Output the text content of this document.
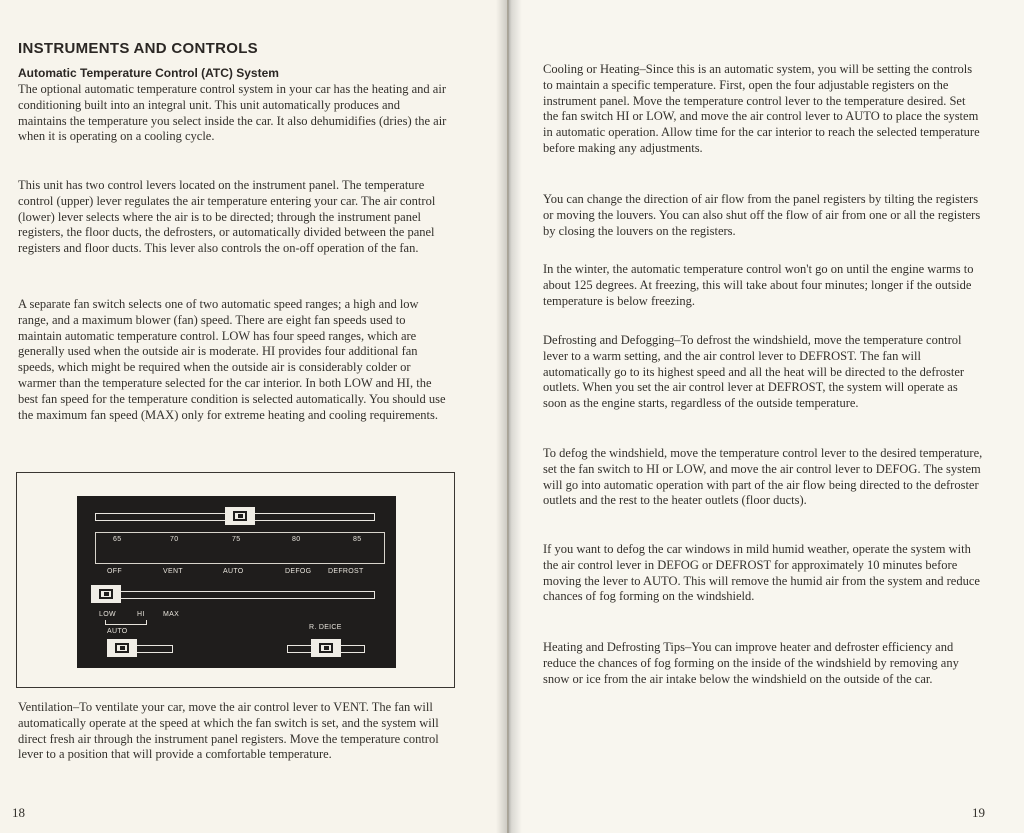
INSTRUMENTS AND CONTROLS
Automatic Temperature Control (ATC) System

The optional automatic temperature control system in your car has the heating and air conditioning built into an integral unit. This unit automatically produces and maintains the temperature you select inside the car. It also dehumidifies (dries) the air when it is operating on a cooling cycle.

This unit has two control levers located on the instrument panel. The temperature control (upper) lever regulates the air temperature entering your car. The air control (lower) lever selects where the air is to be directed; through the instrument panel registers, the floor ducts, the defrosters, or automatically divided between the panel registers and floor ducts. This lever also controls the on-off operation of the fan.

A separate fan switch selects one of two automatic speed ranges; a high and low range, and a maximum blower (fan) speed. There are eight fan speeds used to maintain automatic temperature control. LOW has four speed ranges, which are generally used when the outside air is moderate. HI provides four additional fan speeds, which might be required when the outside air is considerably colder or warmer than the temperature selected for the car interior. In both LOW and HI, the best fan speed for the temperature condition is selected automatically. You should use the maximum fan speed (MAX) only for extreme heating and cooling requirements.

65	70	75	80	85
OFF	VENT	AUTO	DEFOG DEFROST
LOW	HI	MAX
AUTO
R. DEICE

Ventilation–To ventilate your car, move the air control lever to VENT. The fan will automatically operate at the speed at which the fan switch is set, and the system will direct fresh air through the instrument panel registers. Move the temperature control lever to a position that will provide a comfortable temperature.

18

Cooling or Heating–Since this is an automatic system, you will be setting the controls to maintain a specific temperature. First, open the four adjustable registers on the instrument panel. Move the temperature control lever to the temperature desired. Set the fan switch HI or LOW, and move the air control lever to AUTO to place the system in automatic operation. Allow time for the car interior to reach the selected temperature before making any adjustments.

You can change the direction of air flow from the panel registers by tilting the registers or moving the louvers. You can also shut off the flow of air from one or all the registers by closing the louvers on the registers.

In the winter, the automatic temperature control won't go on until the engine warms to about 125 degrees. At freezing, this will take about four minutes; longer if the outside temperature is below freezing.

Defrosting and Defogging–To defrost the windshield, move the temperature control lever to a warm setting, and the air control lever to DEFROST. The fan will automatically go to its highest speed and all the heat will be directed to the defroster outlets. When you set the air control lever at DEFROST, the system will operate as soon as the engine starts, regardless of the outside temperature.

To defog the windshield, move the temperature control lever to the desired temperature, set the fan switch to HI or LOW, and move the air control lever to DEFOG. The system will go into automatic operation with part of the air flow being directed to the defroster outlets and the rest to the heater outlets (floor ducts).

If you want to defog the car windows in mild humid weather, operate the system with the air control lever in DEFOG or DEFROST for approximately 10 minutes before moving the lever to AUTO. This will remove the humid air from the system and reduce chances of fog forming on the windshield.

Heating and Defrosting Tips–You can improve heater and defroster efficiency and reduce the chances of fog forming on the inside of the windshield by removing any snow or ice from the air intake below the windshield on the outside of the car.

19
